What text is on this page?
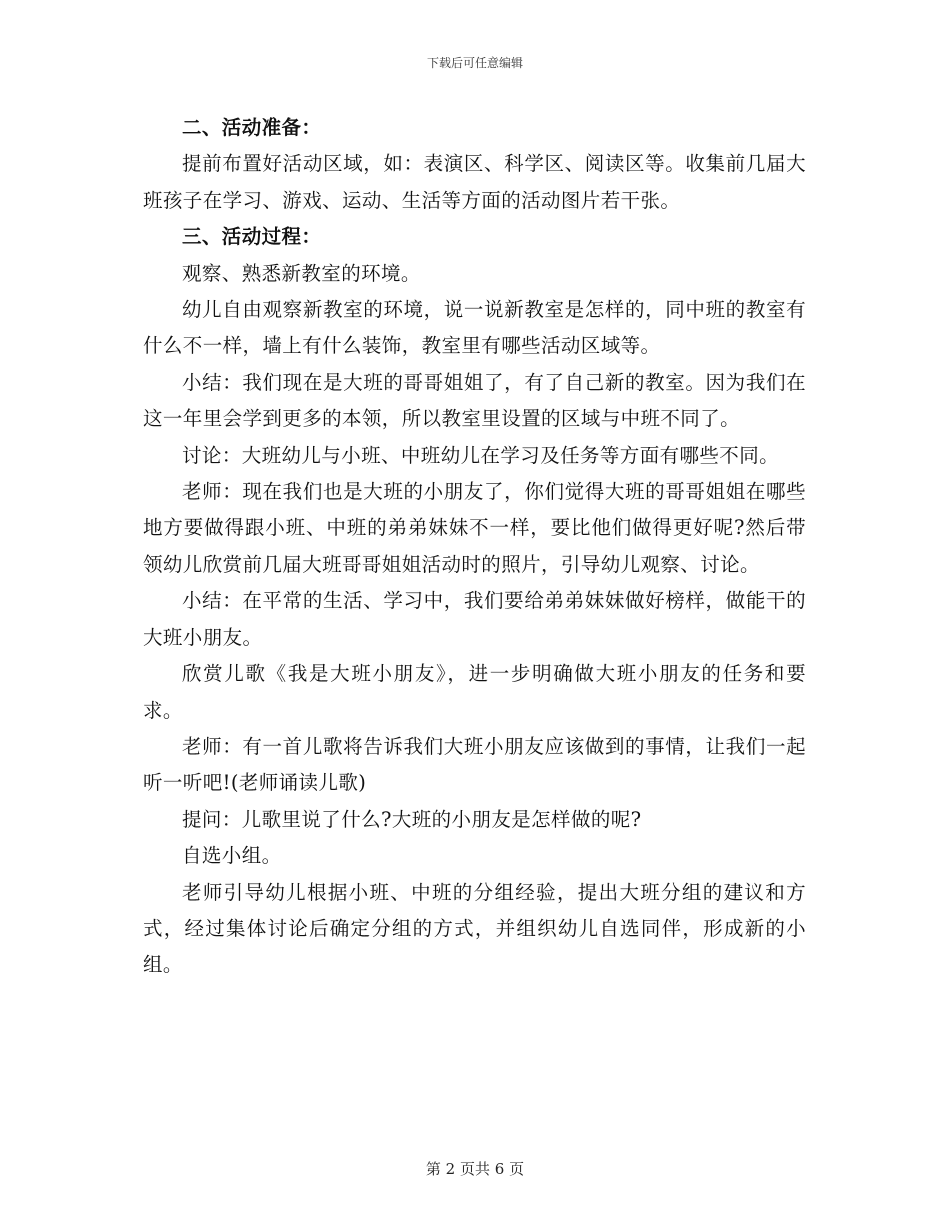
下载后可任意编辑

二、活动准备：

提前布置好活动区域，如：表演区、科学区、阅读区等。收集前几届大班孩子在学习、游戏、运动、生活等方面的活动图片若干张。

三、活动过程：

观察、熟悉新教室的环境。

幼儿自由观察新教室的环境，说一说新教室是怎样的，同中班的教室有什么不一样，墙上有什么装饰，教室里有哪些活动区域等。

小结：我们现在是大班的哥哥姐姐了，有了自己新的教室。因为我们在这一年里会学到更多的本领，所以教室里设置的区域与中班不同了。

讨论：大班幼儿与小班、中班幼儿在学习及任务等方面有哪些不同。

老师：现在我们也是大班的小朋友了，你们觉得大班的哥哥姐姐在哪些地方要做得跟小班、中班的弟弟妹妹不一样，要比他们做得更好呢?然后带领幼儿欣赏前几届大班哥哥姐姐活动时的照片，引导幼儿观察、讨论。

小结：在平常的生活、学习中，我们要给弟弟妹妹做好榜样，做能干的大班小朋友。

欣赏儿歌《我是大班小朋友》，进一步明确做大班小朋友的任务和要求。

老师：有一首儿歌将告诉我们大班小朋友应该做到的事情，让我们一起听一听吧!(老师诵读儿歌)

提问：儿歌里说了什么?大班的小朋友是怎样做的呢?

自选小组。

老师引导幼儿根据小班、中班的分组经验，提出大班分组的建议和方式，经过集体讨论后确定分组的方式，并组织幼儿自选同伴，形成新的小组。

第 2 页共 6 页
